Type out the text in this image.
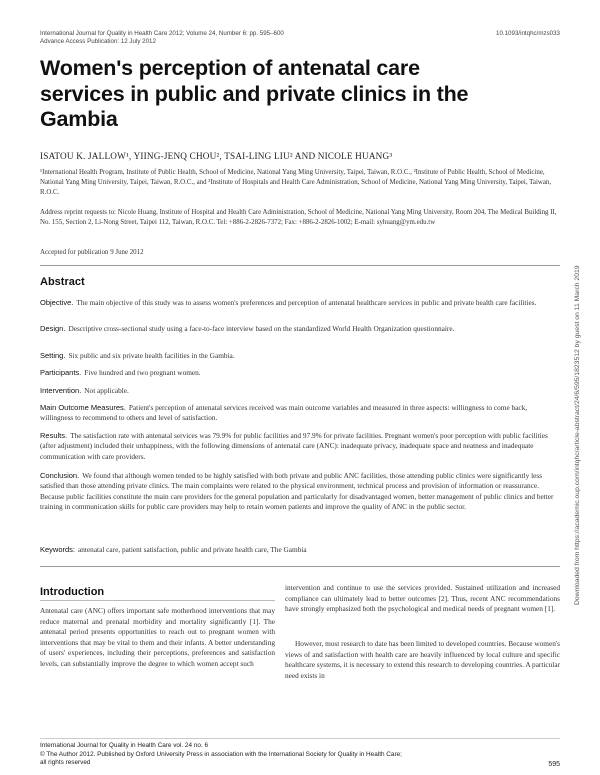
International Journal for Quality in Health Care 2012; Volume 24, Number 6: pp. 595–600
Advance Access Publication: 12 July 2012
10.1093/intqhc/mzs033
Women's perception of antenatal care services in public and private clinics in the Gambia
ISATOU K. JALLOW¹, YIING-JENQ CHOU², TSAI-LING LIU² AND NICOLE HUANG³
¹International Health Program, Institute of Public Health, School of Medicine, National Yang Ming University, Taipei, Taiwan, R.O.C., ²Institute of Public Health, School of Medicine, National Yang Ming University, Taipei, Taiwan, R.O.C., and ³Institute of Hospitals and Health Care Administration, School of Medicine, National Yang Ming University, Taipei, Taiwan, R.O.C.
Address reprint requests to: Nicole Huang, Institute of Hospital and Health Care Administration, School of Medicine, National Yang Ming University, Room 204, The Medical Building II, No. 155, Section 2, Li-Nong Street, Taipei 112, Taiwan, R.O.C. Tel: +886-2-2826-7372; Fax: +886-2-2826-1002; E-mail: syhuang@ym.edu.tw
Accepted for publication 9 June 2012
Downloaded from https://academic.oup.com/intqhc/article-abstract/24/6/595/1823512 by guest on 11 March 2019
Abstract

Objective. The main objective of this study was to assess women's preferences and perception of antenatal healthcare services in public and private health care facilities.

Design. Descriptive cross-sectional study using a face-to-face interview based on the standardized World Health Organization questionnaire.

Setting. Six public and six private health facilities in the Gambia.

Participants. Five hundred and two pregnant women.

Intervention. Not applicable.

Main Outcome Measures. Patient's perception of antenatal services received was main outcome variables and measured in three aspects: willingness to come back, willingness to recommend to others and level of satisfaction.

Results. The satisfaction rate with antenatal services was 79.9% for public facilities and 97.9% for private facilities. Pregnant women's poor perception with public facilities (after adjustment) included their unhappiness, with the following dimensions of antenatal care (ANC): inadequate privacy, inadequate space and neatness and inadequate communication with care providers.

Conclusion. We found that although women tended to be highly satisfied with both private and public ANC facilities, those attending public clinics were significantly less satisfied than those attending private clinics. The main complaints were related to the physical environment, technical process and provision of information or reassurance. Because public facilities constitute the main care providers for the general population and particularly for disadvantaged women, better management of public clinics and better training in communication skills for public care providers may help to retain women patients and improve the quality of ANC in the public sector.

Keywords: antenatal care, patient satisfaction, public and private health care, The Gambia

Introduction

Antenatal care (ANC) offers important safe motherhood interventions that may reduce maternal and prenatal morbidity and mortality significantly [1]. The antenatal period presents opportunities to reach out to pregnant women with interventions that may be vital to them and their infants. A better understanding of users' experiences, including their perceptions, preferences and satisfaction levels, can substantially improve the degree to which women accept such

intervention and continue to use the services provided. Sustained utilization and increased compliance can ultimately lead to better outcomes [2]. Thus, recent ANC recommendations have strongly emphasized both the psychological and medical needs of pregnant women [1].

However, most research to date has been limited to developed countries. Because women's views of and satisfaction with health care are heavily influenced by local culture and specific healthcare systems, it is necessary to extend this research to developing countries. A particular need exists in

International Journal for Quality in Health Care vol. 24 no. 6
© The Author 2012. Published by Oxford University Press in association with the International Society for Quality in Health Care;
all rights reserved	595
